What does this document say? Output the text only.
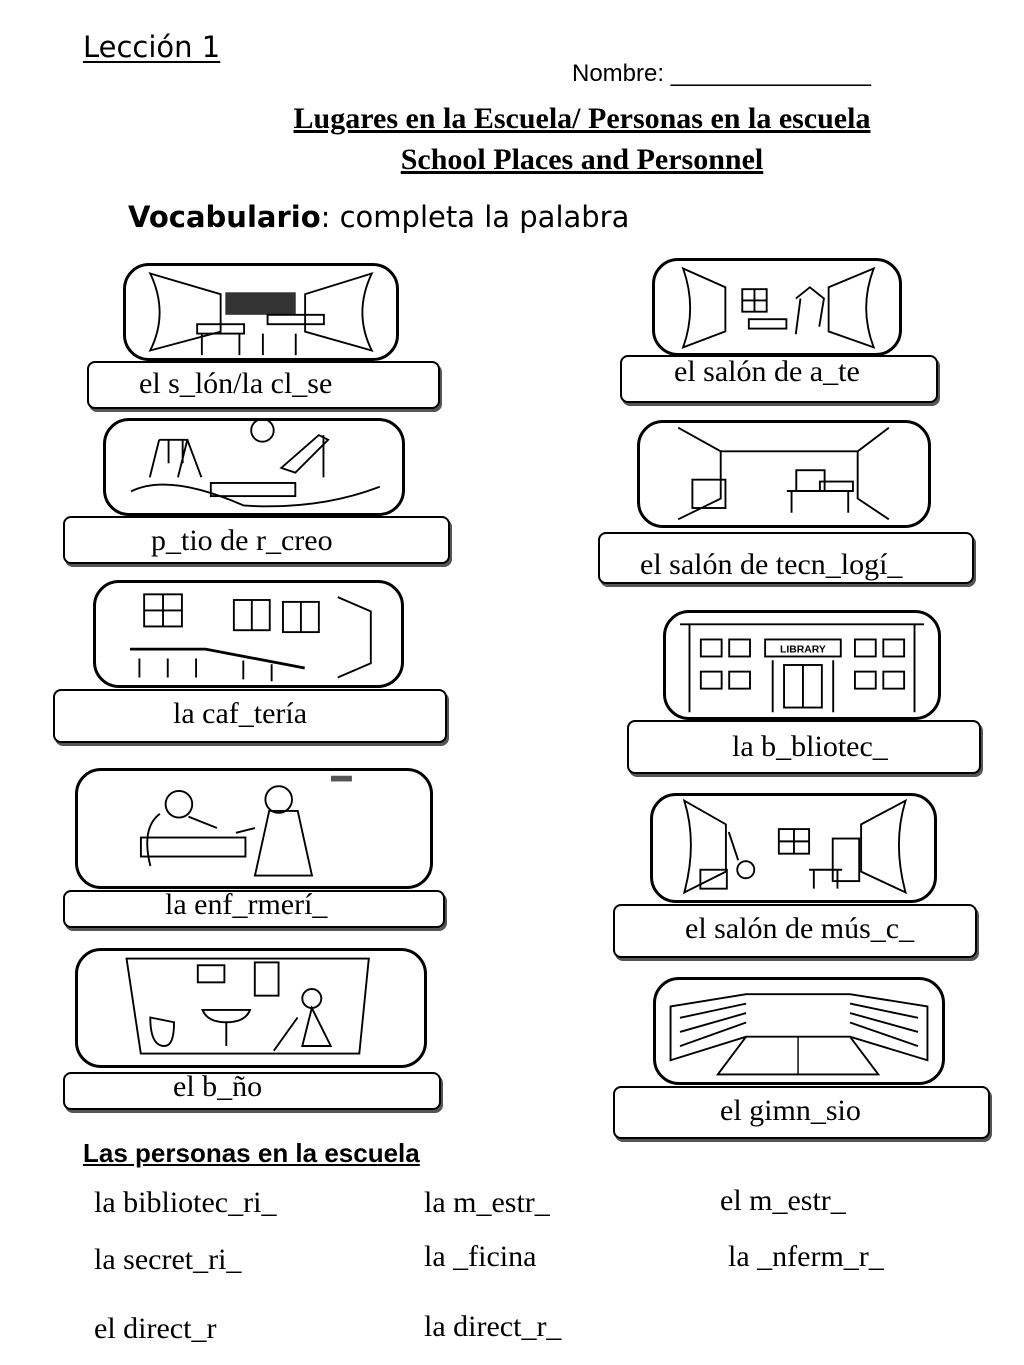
Lección 1
Nombre: _______________
Lugares en la Escuela/ Personas en la escuela
School Places and Personnel
Vocabulario: completa la palabra
el s_lón/la cl_se
p_tio de r_creo
la caf_tería
la enf_rmerí_
el b_ño
el salón de a_te
el salón de tecn_logí_
LIBRARY
la b_bliotec_
el salón de mús_c_
el gimn_sio
Las personas en la escuela
la bibliotec_ri_	la m_estr_	el m_estr_
la secret_ri_	la _ficina	la _nferm_r_
el direct_r	la direct_r_
